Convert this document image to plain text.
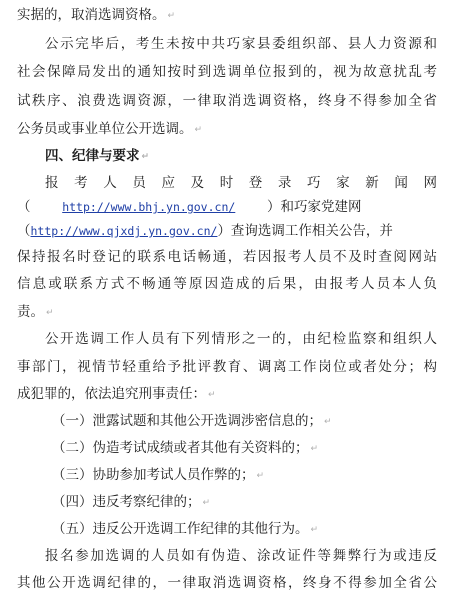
实据的，取消选调资格。 ↵
公示完毕后，考生未按中共巧家县委组织部、县人力资源和
社会保障局发出的通知按时到选调单位报到的，视为故意扰乱考
试秩序、浪费选调资源，一律取消选调资格，终身不得参加全省
公务员或事业单位公开选调。 ↵
四、纪律与要求 ↵
报考人员应及时登录巧家新闻网
（	http://www.bhj.yn.gov.cn/ ）和巧家党建网
（http://www.qjxdj.yn.gov.cn/）查询选调工作相关公告，并
保持报名时登记的联系电话畅通，若因报考人员不及时查阅网站
信息或联系方式不畅通等原因造成的后果，由报考人员本人负
责。 ↵
公开选调工作人员有下列情形之一的，由纪检监察和组织人
事部门，视情节轻重给予批评教育、调离工作岗位或者处分；构
成犯罪的，依法追究刑事责任： ↵
（一）泄露试题和其他公开选调涉密信息的； ↵
（二）伪造考试成绩或者其他有关资料的； ↵
（三）协助参加考试人员作弊的； ↵
（四）违反考察纪律的； ↵
（五）违反公开选调工作纪律的其他行为。 ↵
报名参加选调的人员如有伪造、涂改证件等舞弊行为或违反
其他公开选调纪律的，一律取消选调资格，终身不得参加全省公
